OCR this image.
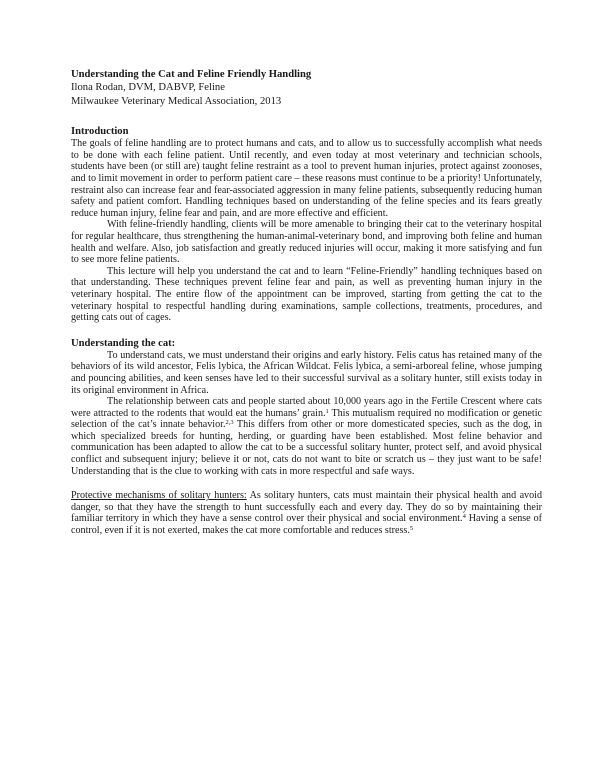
Understanding the Cat and Feline Friendly Handling
Ilona Rodan, DVM, DABVP, Feline
Milwaukee Veterinary Medical Association, 2013
Introduction

The goals of feline handling are to protect humans and cats, and to allow us to successfully accomplish what needs to be done with each feline patient. Until recently, and even today at most veterinary and technician schools, students have been (or still are) taught feline restraint as a tool to prevent human injuries, protect against zoonoses, and to limit movement in order to perform patient care – these reasons must continue to be a priority! Unfortunately, restraint also can increase fear and fear-associated aggression in many feline patients, subsequently reducing human safety and patient comfort. Handling techniques based on understanding of the feline species and its fears greatly reduce human injury, feline fear and pain, and are more effective and efficient.

With feline-friendly handling, clients will be more amenable to bringing their cat to the veterinary hospital for regular healthcare, thus strengthening the human-animal-veterinary bond, and improving both feline and human health and welfare. Also, job satisfaction and greatly reduced injuries will occur, making it more satisfying and fun to see more feline patients.

This lecture will help you understand the cat and to learn “Feline-Friendly” handling techniques based on that understanding. These techniques prevent feline fear and pain, as well as preventing human injury in the veterinary hospital. The entire flow of the appointment can be improved, starting from getting the cat to the veterinary hospital to respectful handling during examinations, sample collections, treatments, procedures, and getting cats out of cages.

Understanding the cat:

To understand cats, we must understand their origins and early history. Felis catus has retained many of the behaviors of its wild ancestor, Felis lybica, the African Wildcat. Felis lybica, a semi-arboreal feline, whose jumping and pouncing abilities, and keen senses have led to their successful survival as a solitary hunter, still exists today in its original environment in Africa.

The relationship between cats and people started about 10,000 years ago in the Fertile Crescent where cats were attracted to the rodents that would eat the humans’ grain.$^1$ This mutualism required no modification or genetic selection of the cat’s innate behavior.$^{2,3}$ This differs from other or more domesticated species, such as the dog, in which specialized breeds for hunting, herding, or guarding have been established. Most feline behavior and communication has been adapted to allow the cat to be a successful solitary hunter, protect self, and avoid physical conflict and subsequent injury; believe it or not, cats do not want to bite or scratch us – they just want to be safe! Understanding that is the clue to working with cats in more respectful and safe ways.

Protective mechanisms of solitary hunters: As solitary hunters, cats must maintain their physical health and avoid danger, so that they have the strength to hunt successfully each and every day. They do so by maintaining their familiar territory in which they have a sense control over their physical and social environment.$^4$ Having a sense of control, even if it is not exerted, makes the cat more comfortable and reduces stress.$^5$
